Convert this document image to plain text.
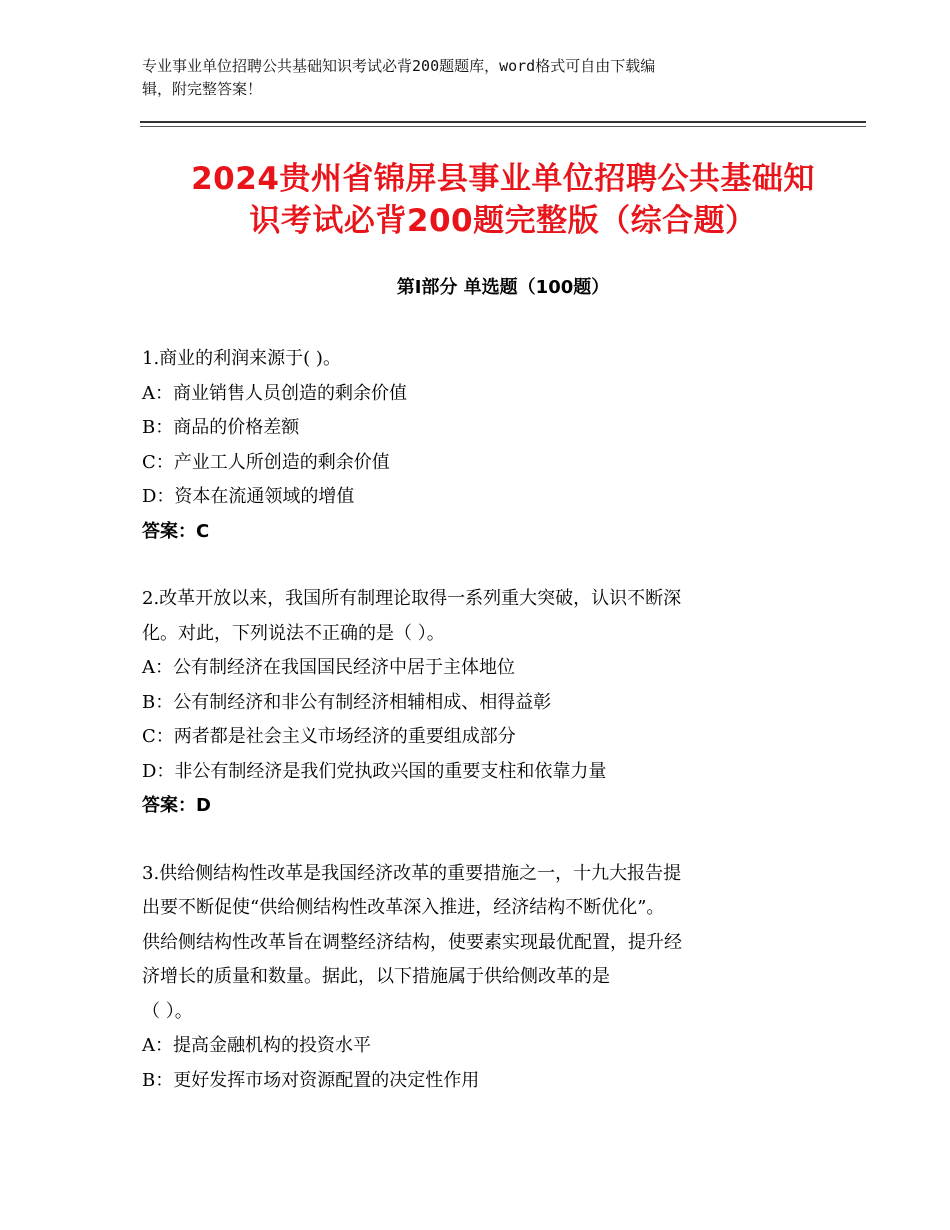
专业事业单位招聘公共基础知识考试必背200题题库，word格式可自由下载编
辑，附完整答案！
2024贵州省锦屏县事业单位招聘公共基础知
识考试必背200题完整版（综合题）
第Ⅰ部分 单选题（100题）

1.商业的利润来源于( )。

A：商业销售人员创造的剩余价值

B：商品的价格差额

C：产业工人所创造的剩余价值

D：资本在流通领域的增值

答案：C

2.改革开放以来，我国所有制理论取得一系列重大突破，认识不断深

化。对此，下列说法不正确的是（ ）。

A：公有制经济在我国国民经济中居于主体地位

B：公有制经济和非公有制经济相辅相成、相得益彰

C：两者都是社会主义市场经济的重要组成部分

D：非公有制经济是我们党执政兴国的重要支柱和依靠力量

答案：D

3.供给侧结构性改革是我国经济改革的重要措施之一，十九大报告提

出要不断促使“供给侧结构性改革深入推进，经济结构不断优化”。

供给侧结构性改革旨在调整经济结构，使要素实现最优配置，提升经

济增长的质量和数量。据此，以下措施属于供给侧改革的是

（ ）。

A：提高金融机构的投资水平

B：更好发挥市场对资源配置的决定性作用
